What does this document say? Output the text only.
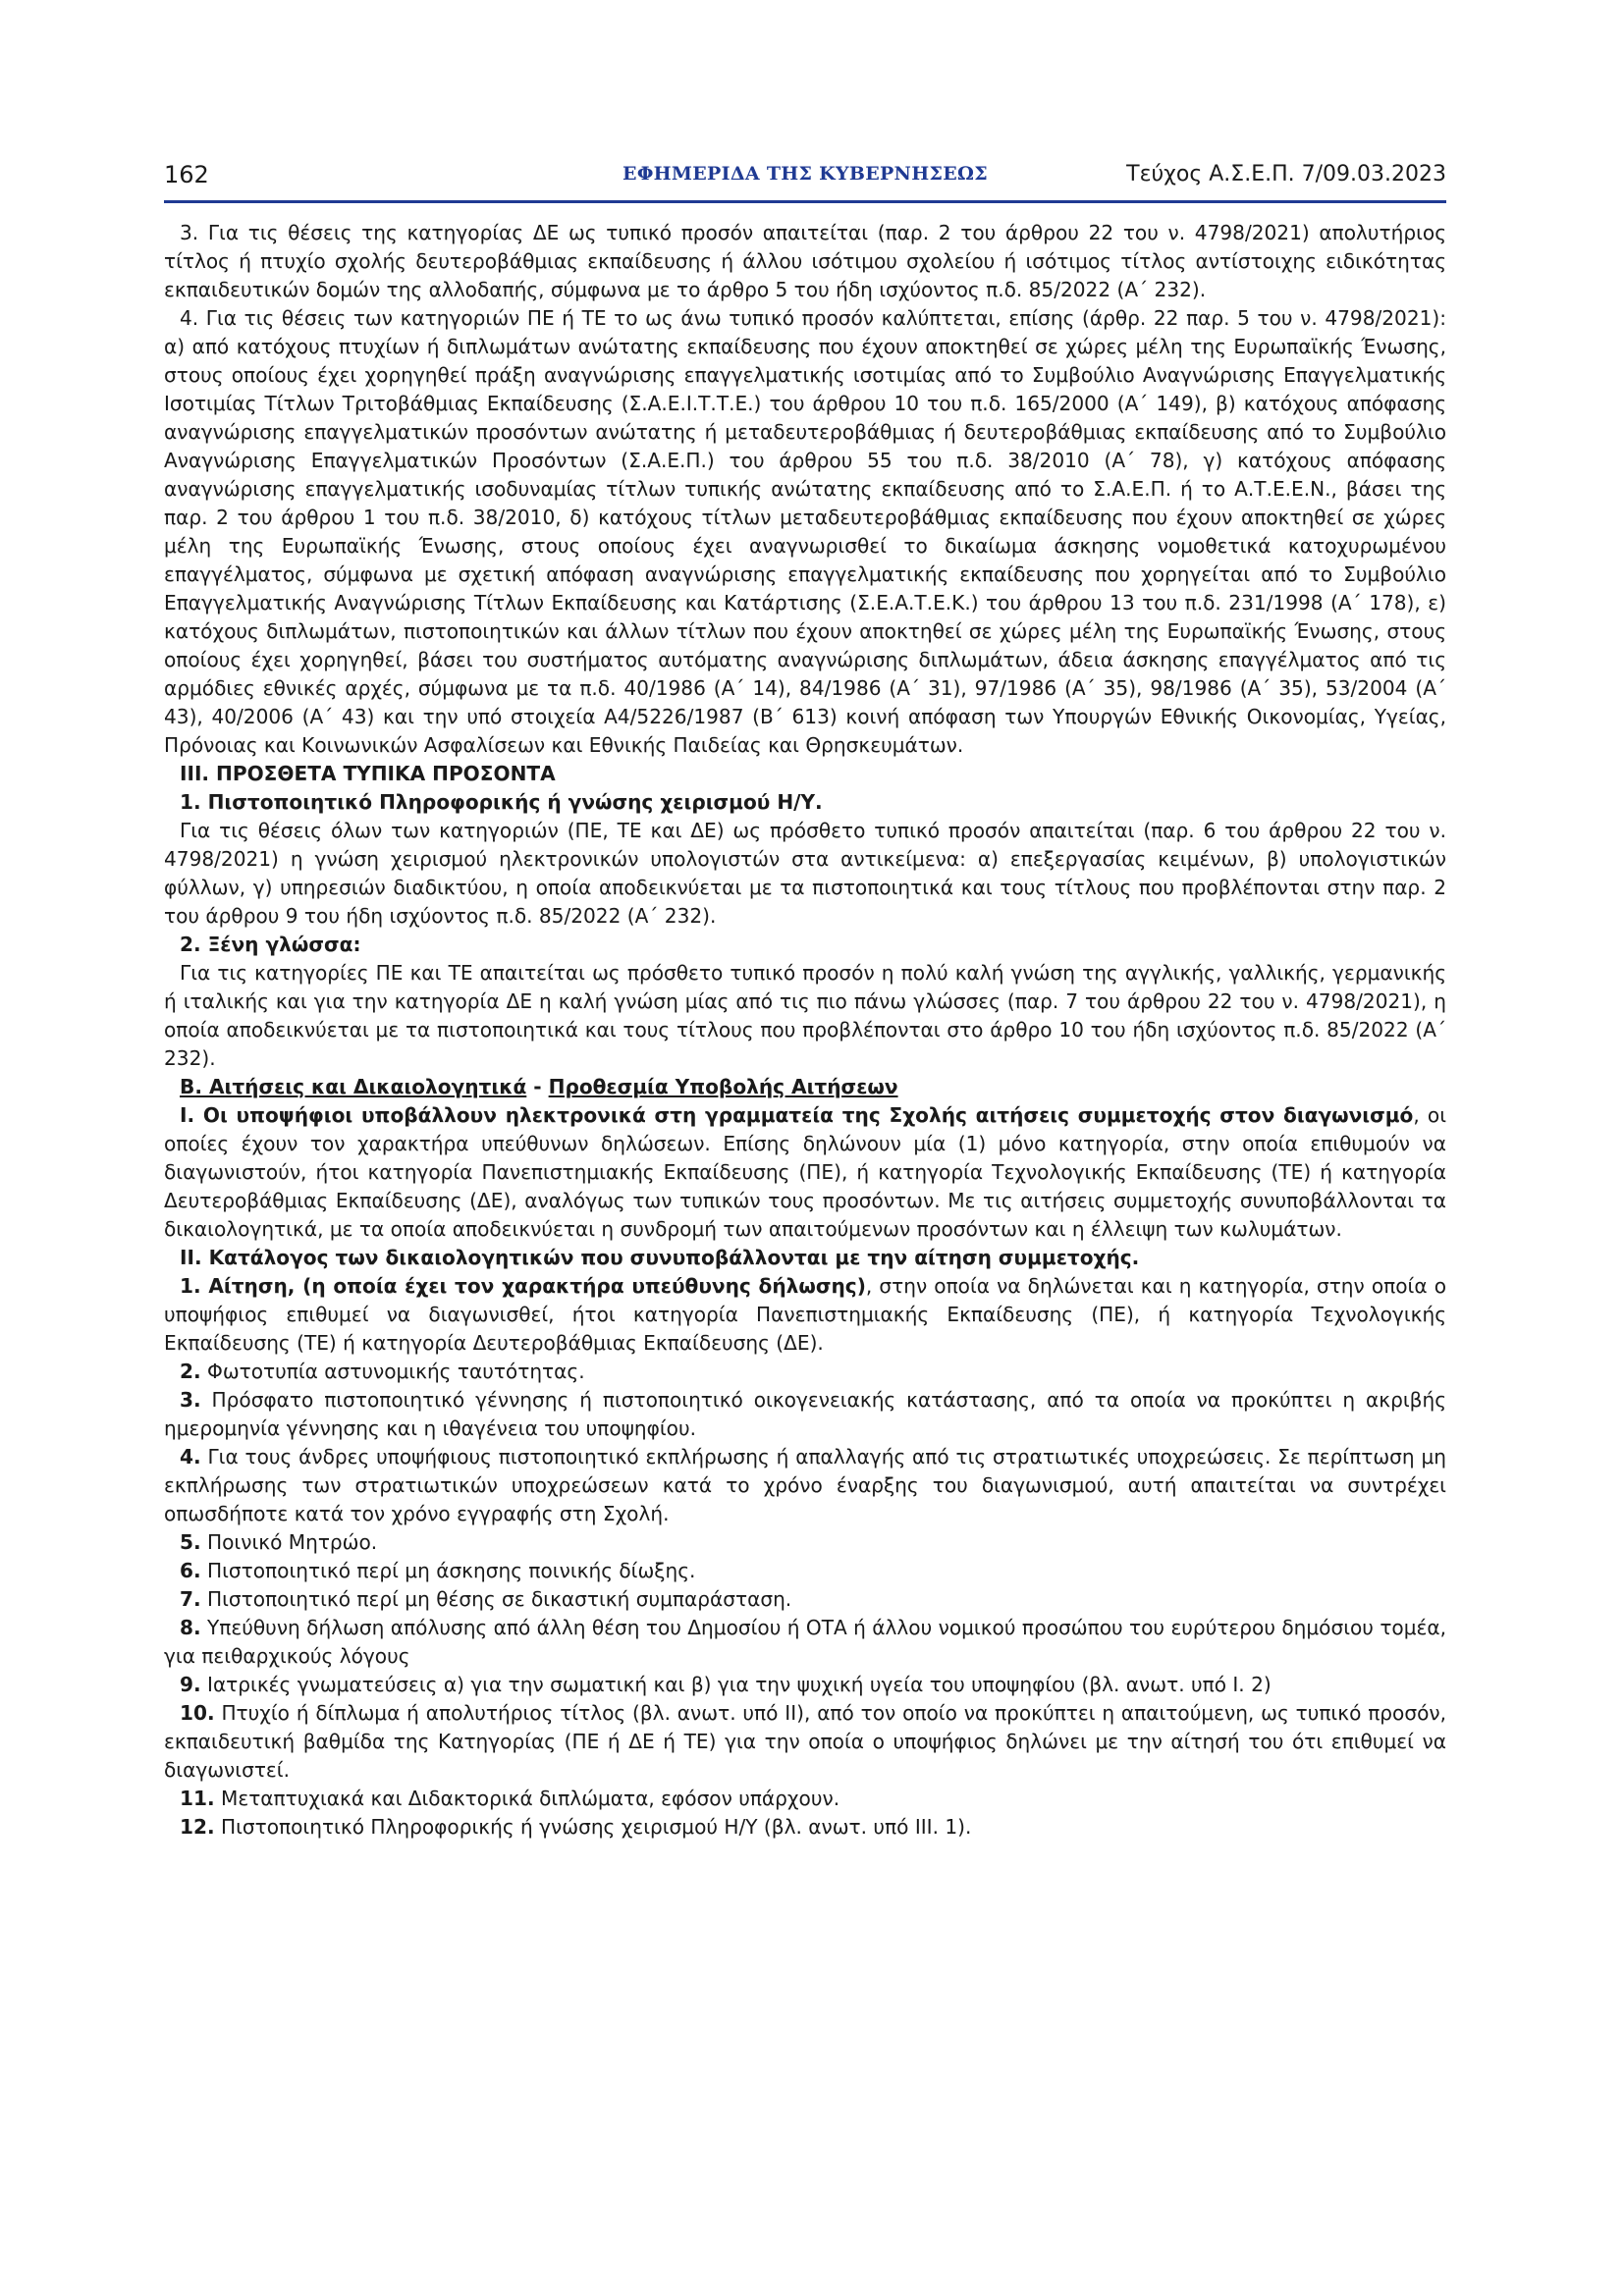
162	ΕΦΗΜΕΡΙΔΑ ΤΗΣ ΚΥΒΕΡΝΗΣΕΩΣ	Τεύχος Α.Σ.Ε.Π. 7/09.03.2023

3. Για τις θέσεις της κατηγορίας ΔΕ ως τυπικό προσόν απαιτείται (παρ. 2 του άρθρου 22 του ν. 4798/2021) απολυτήριος τίτλος ή πτυχίο σχολής δευτεροβάθμιας εκπαίδευσης ή άλλου ισότιμου σχολείου ή ισότιμος τίτλος αντίστοιχης ειδικότητας εκπαιδευτικών δομών της αλλοδαπής, σύμφωνα με το άρθρο 5 του ήδη ισχύοντος π.δ. 85/2022 (Α΄ 232).

4. Για τις θέσεις των κατηγοριών ΠΕ ή ΤΕ το ως άνω τυπικό προσόν καλύπτεται, επίσης (άρθρ. 22 παρ. 5 του ν. 4798/2021): α) από κατόχους πτυχίων ή διπλωμάτων ανώτατης εκπαίδευσης που έχουν αποκτηθεί σε χώρες μέλη της Ευρωπαϊκής Ένωσης, στους οποίους έχει χορηγηθεί πράξη αναγνώρισης επαγγελματικής ισοτιμίας από το Συμβούλιο Αναγνώρισης Επαγγελματικής Ισοτιμίας Τίτλων Τριτοβάθμιας Εκπαίδευσης (Σ.Α.Ε.Ι.Τ.Τ.Ε.) του άρθρου 10 του π.δ. 165/2000 (Α΄ 149), β) κατόχους απόφασης αναγνώρισης επαγγελματικών προσόντων ανώτατης ή μεταδευτεροβάθμιας ή δευτεροβάθμιας εκπαίδευσης από το Συμβούλιο Αναγνώρισης Επαγγελματικών Προσόντων (Σ.Α.Ε.Π.) του άρθρου 55 του π.δ. 38/2010 (Α΄ 78), γ) κατόχους απόφασης αναγνώρισης επαγγελματικής ισοδυναμίας τίτλων τυπικής ανώτατης εκπαίδευσης από το Σ.Α.Ε.Π. ή το Α.Τ.Ε.Ε.Ν., βάσει της παρ. 2 του άρθρου 1 του π.δ. 38/2010, δ) κατόχους τίτλων μεταδευτεροβάθμιας εκπαίδευσης που έχουν αποκτηθεί σε χώρες μέλη της Ευρωπαϊκής Ένωσης, στους οποίους έχει αναγνωρισθεί το δικαίωμα άσκησης νομοθετικά κατοχυρωμένου επαγγέλματος, σύμφωνα με σχετική απόφαση αναγνώρισης επαγγελματικής εκπαίδευσης που χορηγείται από το Συμβούλιο Επαγγελματικής Αναγνώρισης Τίτλων Εκπαίδευσης και Κατάρτισης (Σ.Ε.Α.Τ.Ε.Κ.) του άρθρου 13 του π.δ. 231/1998 (Α΄ 178), ε) κατόχους διπλωμάτων, πιστοποιητικών και άλλων τίτλων που έχουν αποκτηθεί σε χώρες μέλη της Ευρωπαϊκής Ένωσης, στους οποίους έχει χορηγηθεί, βάσει του συστήματος αυτόματης αναγνώρισης διπλωμάτων, άδεια άσκησης επαγγέλματος από τις αρμόδιες εθνικές αρχές, σύμφωνα με τα π.δ. 40/1986 (Α΄ 14), 84/1986 (Α΄ 31), 97/1986 (Α΄ 35), 98/1986 (Α΄ 35), 53/2004 (Α΄ 43), 40/2006 (Α΄ 43) και την υπό στοιχεία Α4/5226/1987 (Β΄ 613) κοινή απόφαση των Υπουργών Εθνικής Οικονομίας, Υγείας, Πρόνοιας και Κοινωνικών Ασφαλίσεων και Εθνικής Παιδείας και Θρησκευμάτων.

ΙΙΙ. ΠΡΟΣΘΕΤΑ ΤΥΠΙΚΑ ΠΡΟΣΟΝΤΑ

1. Πιστοποιητικό Πληροφορικής ή γνώσης χειρισμού Η/Υ.

Για τις θέσεις όλων των κατηγοριών (ΠΕ, ΤΕ και ΔΕ) ως πρόσθετο τυπικό προσόν απαιτείται (παρ. 6 του άρθρου 22 του ν. 4798/2021) η γνώση χειρισμού ηλεκτρονικών υπολογιστών στα αντικείμενα: α) επεξεργασίας κειμένων, β) υπολογιστικών φύλλων, γ) υπηρεσιών διαδικτύου, η οποία αποδεικνύεται με τα πιστοποιητικά και τους τίτλους που προβλέπονται στην παρ. 2 του άρθρου 9 του ήδη ισχύοντος π.δ. 85/2022 (Α΄ 232).

2. Ξένη γλώσσα:

Για τις κατηγορίες ΠΕ και ΤΕ απαιτείται ως πρόσθετο τυπικό προσόν η πολύ καλή γνώση της αγγλικής, γαλλικής, γερμανικής ή ιταλικής και για την κατηγορία ΔΕ η καλή γνώση μίας από τις πιο πάνω γλώσσες (παρ. 7 του άρθρου 22 του ν. 4798/2021), η οποία αποδεικνύεται με τα πιστοποιητικά και τους τίτλους που προβλέπονται στο άρθρο 10 του ήδη ισχύοντος π.δ. 85/2022 (Α΄ 232).

Β. Αιτήσεις και Δικαιολογητικά - Προθεσμία Υποβολής Αιτήσεων

Ι. Οι υποψήφιοι υποβάλλουν ηλεκτρονικά στη γραμματεία της Σχολής αιτήσεις συμμετοχής στον διαγωνισμό, οι οποίες έχουν τον χαρακτήρα υπεύθυνων δηλώσεων. Επίσης δηλώνουν μία (1) μόνο κατηγορία, στην οποία επιθυμούν να διαγωνιστούν, ήτοι κατηγορία Πανεπιστημιακής Εκπαίδευσης (ΠΕ), ή κατηγορία Τεχνολογικής Εκπαίδευσης (ΤΕ) ή κατηγορία Δευτεροβάθμιας Εκπαίδευσης (ΔΕ), αναλόγως των τυπικών τους προσόντων. Με τις αιτήσεις συμμετοχής συνυποβάλλονται τα δικαιολογητικά, με τα οποία αποδεικνύεται η συνδρομή των απαιτούμενων προσόντων και η έλλειψη των κωλυμάτων.

ΙΙ. Κατάλογος των δικαιολογητικών που συνυποβάλλονται με την αίτηση συμμετοχής.

1. Αίτηση, (η οποία έχει τον χαρακτήρα υπεύθυνης δήλωσης), στην οποία να δηλώνεται και η κατηγορία, στην οποία ο υποψήφιος επιθυμεί να διαγωνισθεί, ήτοι κατηγορία Πανεπιστημιακής Εκπαίδευσης (ΠΕ), ή κατηγορία Τεχνολογικής Εκπαίδευσης (ΤΕ) ή κατηγορία Δευτεροβάθμιας Εκπαίδευσης (ΔΕ).

2. Φωτοτυπία αστυνομικής ταυτότητας.

3. Πρόσφατο πιστοποιητικό γέννησης ή πιστοποιητικό οικογενειακής κατάστασης, από τα οποία να προκύπτει η ακριβής ημερομηνία γέννησης και η ιθαγένεια του υποψηφίου.

4. Για τους άνδρες υποψήφιους πιστοποιητικό εκπλήρωσης ή απαλλαγής από τις στρατιωτικές υποχρεώσεις. Σε περίπτωση μη εκπλήρωσης των στρατιωτικών υποχρεώσεων κατά το χρόνο έναρξης του διαγωνισμού, αυτή απαιτείται να συντρέχει οπωσδήποτε κατά τον χρόνο εγγραφής στη Σχολή.

5. Ποινικό Μητρώο.

6. Πιστοποιητικό περί μη άσκησης ποινικής δίωξης.

7. Πιστοποιητικό περί μη θέσης σε δικαστική συμπαράσταση.

8. Υπεύθυνη δήλωση απόλυσης από άλλη θέση του Δημοσίου ή ΟΤΑ ή άλλου νομικού προσώπου του ευρύτερου δημόσιου τομέα, για πειθαρχικούς λόγους

9. Ιατρικές γνωματεύσεις α) για την σωματική και β) για την ψυχική υγεία του υποψηφίου (βλ. ανωτ. υπό Ι. 2)

10. Πτυχίο ή δίπλωμα ή απολυτήριος τίτλος (βλ. ανωτ. υπό ΙΙ), από τον οποίο να προκύπτει η απαιτούμενη, ως τυπικό προσόν, εκπαιδευτική βαθμίδα της Κατηγορίας (ΠΕ ή ΔΕ ή ΤΕ) για την οποία ο υποψήφιος δηλώνει με την αίτησή του ότι επιθυμεί να διαγωνιστεί.

11. Μεταπτυχιακά και Διδακτορικά διπλώματα, εφόσον υπάρχουν.

12. Πιστοποιητικό Πληροφορικής ή γνώσης χειρισμού Η/Υ (βλ. ανωτ. υπό ΙΙΙ. 1).
